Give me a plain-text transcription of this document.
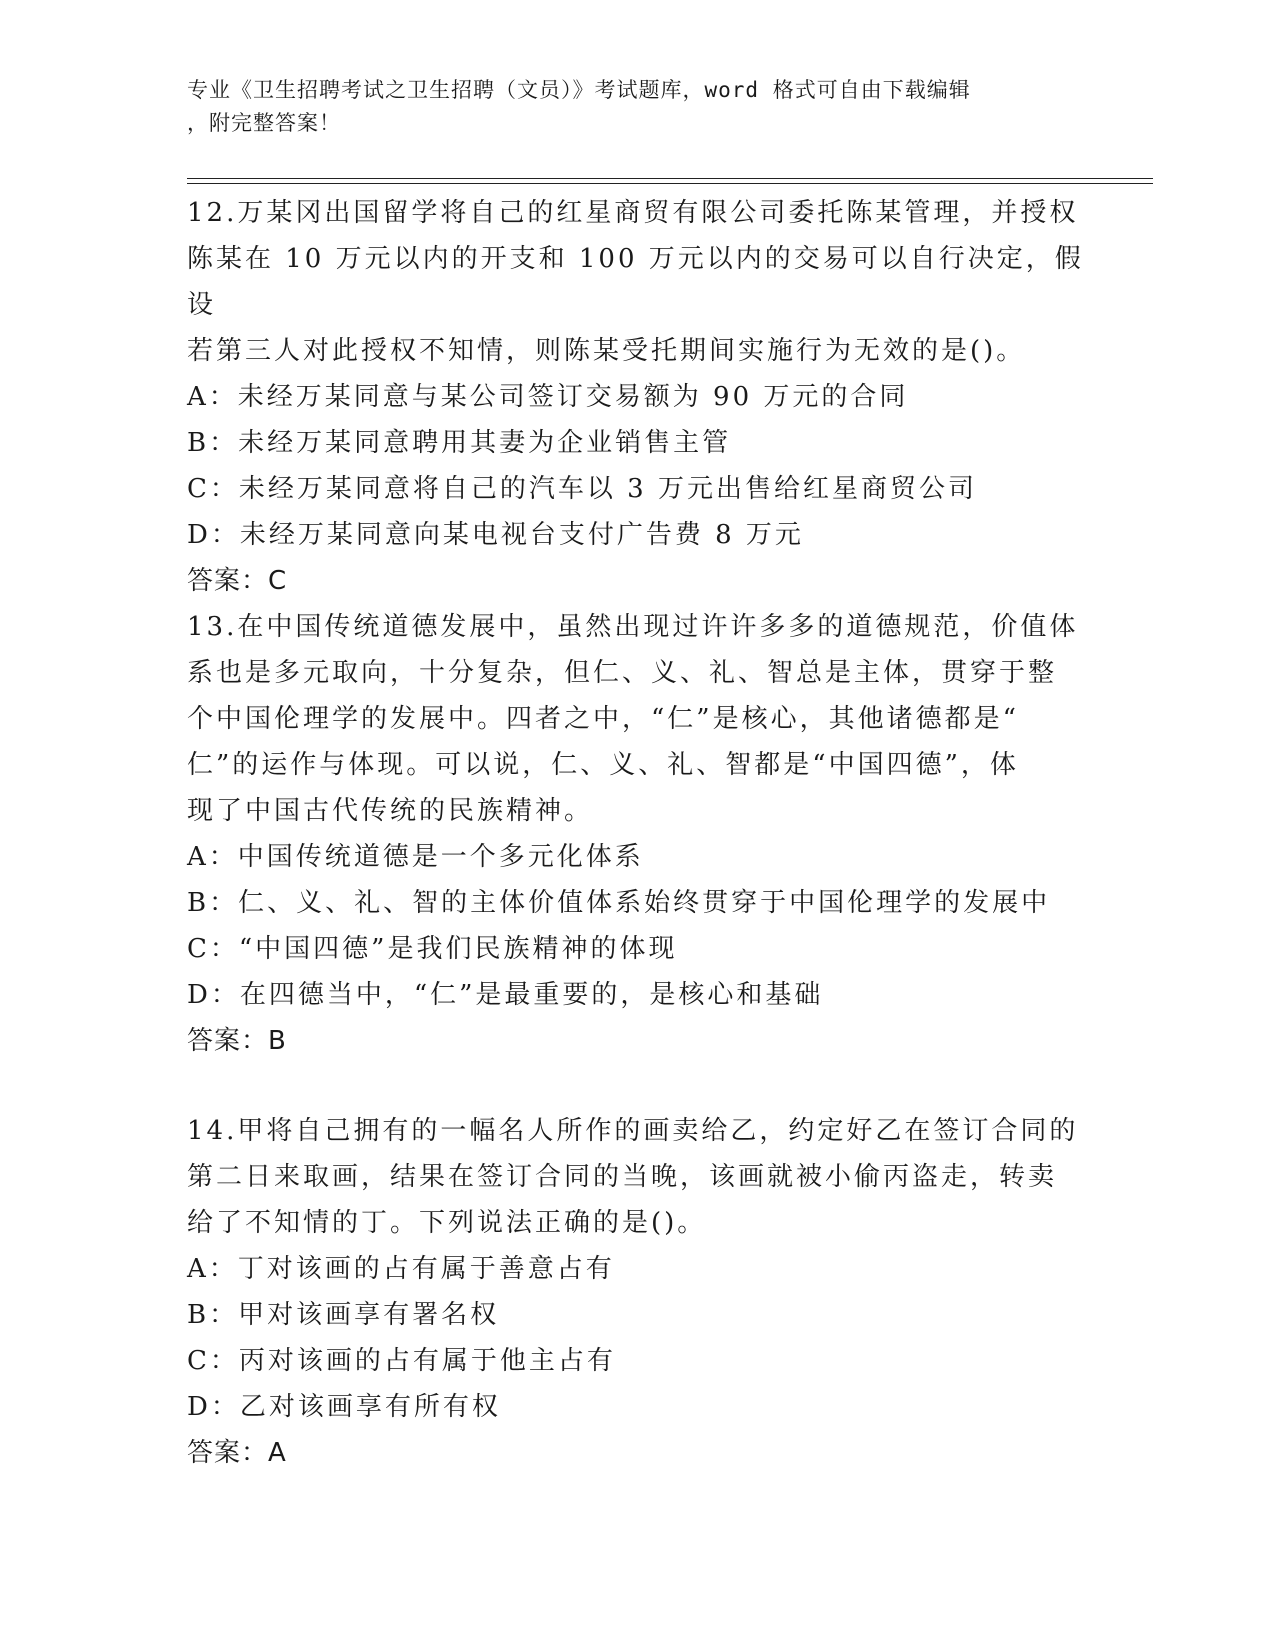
专业《卫生招聘考试之卫生招聘（文员）》考试题库，word 格式可自由下载编辑
，附完整答案！
12.万某冈出国留学将自己的红星商贸有限公司委托陈某管理，并授权
陈某在 10 万元以内的开支和 100 万元以内的交易可以自行决定，假设
若第三人对此授权不知情，则陈某受托期间实施行为无效的是()。
A：未经万某同意与某公司签订交易额为 90 万元的合同
B：未经万某同意聘用其妻为企业销售主管
C：未经万某同意将自己的汽车以 3 万元出售给红星商贸公司
D：未经万某同意向某电视台支付广告费 8 万元
答案：C
13.在中国传统道德发展中，虽然出现过许许多多的道德规范，价值体
系也是多元取向，十分复杂，但仁、义、礼、智总是主体，贯穿于整
个中国伦理学的发展中。四者之中，“仁”是核心，其他诸德都是“
仁”的运作与体现。可以说，仁、义、礼、智都是“中国四德”，体
现了中国古代传统的民族精神。
A：中国传统道德是一个多元化体系
B：仁、义、礼、智的主体价值体系始终贯穿于中国伦理学的发展中
C：“中国四德”是我们民族精神的体现
D：在四德当中，“仁”是最重要的，是核心和基础
答案：B
14.甲将自己拥有的一幅名人所作的画卖给乙，约定好乙在签订合同的
第二日来取画，结果在签订合同的当晚，该画就被小偷丙盗走，转卖
给了不知情的丁。下列说法正确的是()。
A：丁对该画的占有属于善意占有
B：甲对该画享有署名权
C：丙对该画的占有属于他主占有
D：乙对该画享有所有权
答案：A
